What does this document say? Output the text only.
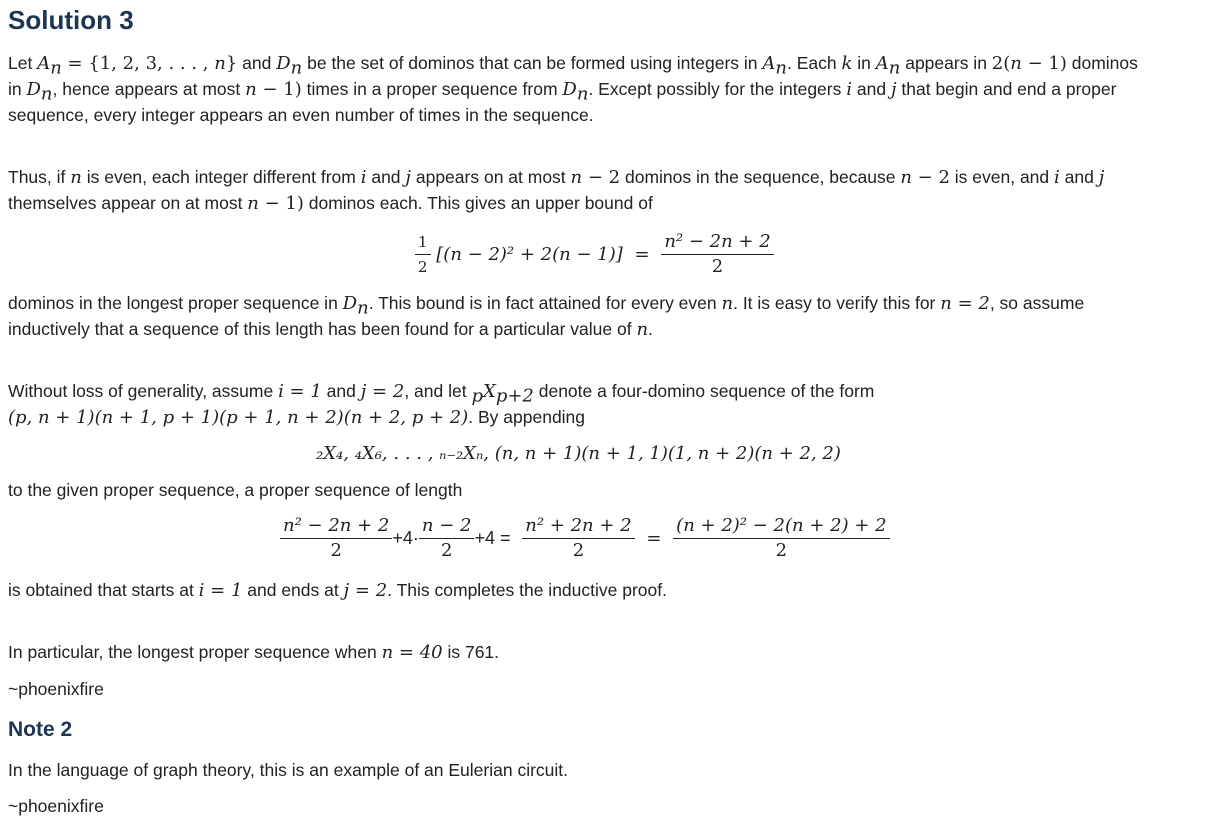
Solution 3
Let $A_n = \{1$, 2, 3, . . . , n} and $D_n$ be the set of dominos that can be formed using integers in $A_n$. Each k in $A_n$ appears in 2(n − 1) dominos
in $D_n$, hence appears at most n − 1) times in a proper sequence from $D_n$. Except possibly for the integers i and j that begin and end a proper
sequence, every integer appears an even number of times in the sequence.
Thus, if n is even, each integer different from i and j appears on at most n − 2 dominos in the sequence, because n − 2 is even, and i and j
themselves appear on at most n − 1) dominos each. This gives an upper bound of
$\frac{1}{2} [(n - 2)^2 + 2(n - 1)] = \frac{\text{n² − 2n + 2}}{2}$
dominos in the longest proper sequence in $D_n$. This bound is in fact attained for every even n. It is easy to verify this for n = 2, so assume
inductively that a sequence of this length has been found for a particular value of n.
Without loss of generality, assume i = 1 and j = 2, and let $_pX_{p+2}$ denote a four-domino sequence of the form
(p, n + 1)(n + 1, p + 1)(p + 1, n + 2)(n + 2, p + 2). By appending
₂X₄, ₄X₆, . . . , ₙ₋₂Xₙ, (n, n + 1)(n + 1, 1)(1, n + 2)(n + 2, 2)
to the given proper sequence, a proper sequence of length
$\frac{\text{n² − 2n + 2}}{2} +4\cdot \frac{n - 2}{2} +4 = \frac{\text{n² + 2n + 2}}{2} = \frac{\text{(n + 2)² − 2(n + 2) + 2}}{2}$
is obtained that starts at i = 1 and ends at j = 2. This completes the inductive proof.
In particular, the longest proper sequence when n = 40 is 761.
~phoenixfire
Note 2
In the language of graph theory, this is an example of an Eulerian circuit.
~phoenixfire
